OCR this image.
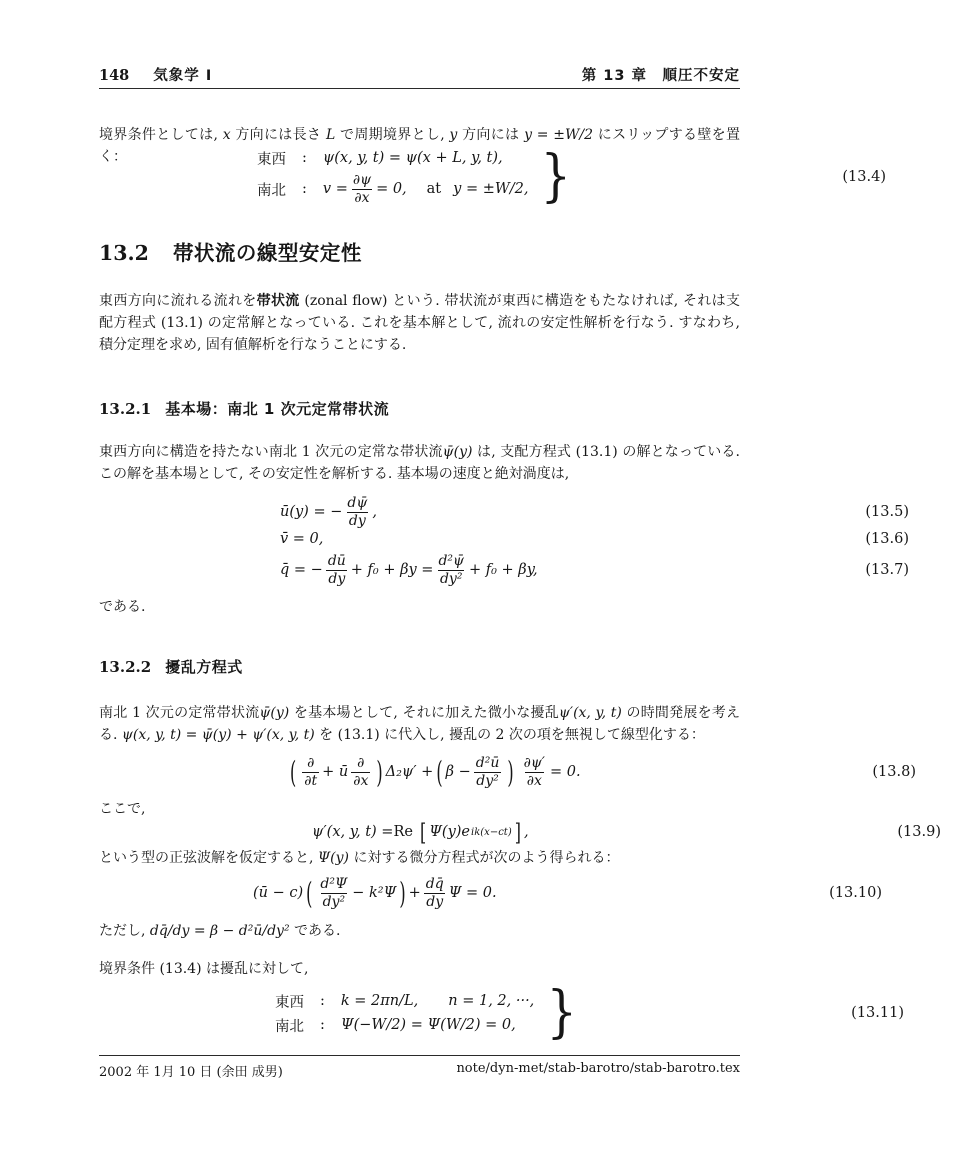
148 気象学 I	第 13 章　順圧不安定

境界条件としては, x 方向には長さ L で周期境界とし, y 方向には y = ±W/2 にスリップする壁を置く：	東西 : ψ(x, y, t) = ψ(x + L, y, t),
南北 : $v = \frac{\partial\psi}{\partial x} = 0$, at y = ±W/2, }	(13.4)
13.2 帯状流の線型安定性

東西方向に流れる流れを帯状流 (zonal flow) という. 帯状流が東西に構造をもたなければ, それは支配方程式 (13.1) の定常解となっている. これを基本解として, 流れの安定性解析を行なう. すなわち, 積分定理を求め, 固有値解析を行なうことにする.

13.2.1 基本場：南北 1 次元定常帯状流

東西方向に構造を持たない南北 1 次元の定常な帯状流ψ̄(y) は, 支配方程式 (13.1) の解となっている. この解を基本場として, その安定性を解析する. 基本場の速度と絶対渦度は,

ū(y) = − $\frac{d\psī}{dy}$ ,	(13.5)
v̄ = 0,	(13.6)
q̄ = − $\frac{dū}{dy} + f_0 + \beta y = \frac{\text{d²ψ̄}}{\text{dy²}} + f_0 + \beta y$,	(13.7)

である.

13.2.2 擾乱方程式

南北 1 次元の定常帯状流ψ̄(y) を基本場として, それに加えた微小な擾乱ψ′(x, y, t) の時間発展を考える. ψ(x, y, t) = ψ̄(y) + ψ′(x, y, t) を (13.1) に代入し, 擾乱の 2 次の項を無視して線型化する：

( $\frac{\partial}{\partial t}$ + ū $\frac{\partial}{\partial x}$ ) Δ₂ψ′ + ( $\beta - \frac{\text{d²ū}}{\text{dy²}}$ ) $\frac{\partial\psi'}{\partial x} = 0$.	(13.8)

ここで,

ψ′(x, y, t) = Re [ Ψ(y)e ik(x−ct) ] ,	(13.9)

という型の正弦波解を仮定すると, Ψ(y) に対する微分方程式が次のよう得られる：

(ū − c) ( $\frac{\text{d²Ψ}}{\text{dy²}} - k^2\Psi$ ) + $\frac{dq̄}{dy}$ Ψ = 0.	(13.10)

ただし, dq̄/dy = β − d²ū/dy² である.

境界条件 (13.4) は擾乱に対して,

東西 : k = 2πn/L, n = 1, 2, ···,
南北 : Ψ(−W/2) = Ψ(W/2) = 0, }	(13.11)
2002 年 1月 10 日 (余田 成男)	note/dyn-met/stab-barotro/stab-barotro.tex
